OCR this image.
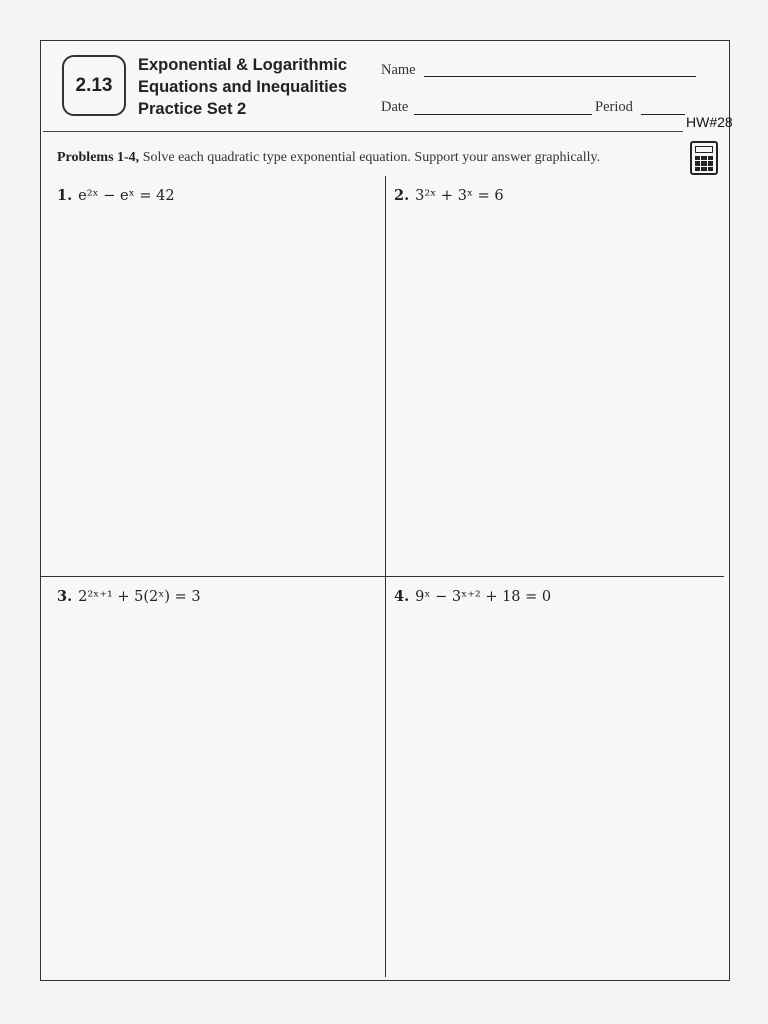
2.13
Exponential & Logarithmic
Equations and Inequalities
Practice Set 2
Name
Date	Period
HW#28
Problems 1-4, Solve each quadratic type exponential equation. Support your answer graphically.
1. e²ˣ − eˣ = 42	2. 3²ˣ + 3ˣ = 6
3. 2²ˣ⁺¹ + 5(2ˣ) = 3	4. 9ˣ − 3ˣ⁺² + 18 = 0
